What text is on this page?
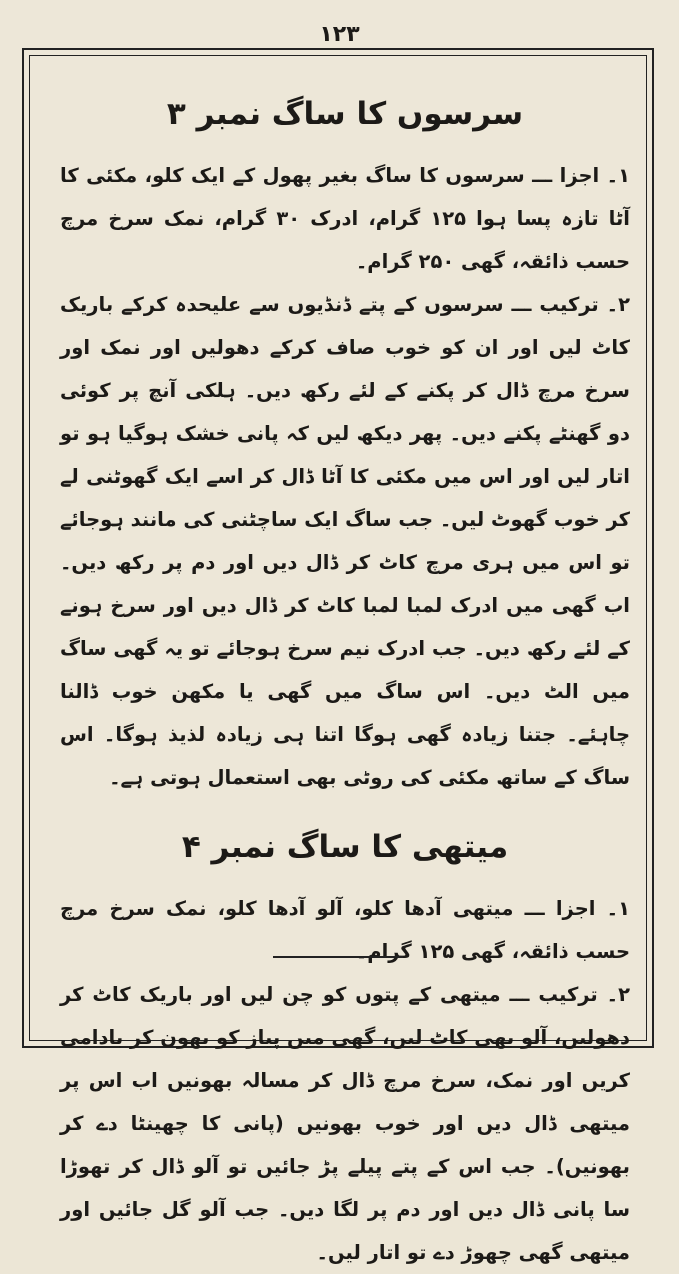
۱۲۳
سرسوں کا ساگ نمبر ۳

۱۔ اجزا ـــ سرسوں کا ساگ بغیر پھول کے ایک کلو، مکئی کا آٹا تازہ پسا ہوا ۱۲۵ گرام، ادرک ۳۰ گرام، نمک سرخ مرچ حسب ذائقہ، گھی ۲۵۰ گرام۔

۲۔ ترکیب ـــ سرسوں کے پتے ڈنڈیوں سے علیحدہ کرکے باریک کاٹ لیں اور ان کو خوب صاف کرکے دھولیں اور نمک اور سرخ مرچ ڈال کر پکنے کے لئے رکھ دیں۔ ہلکی آنچ پر کوئی دو گھنٹے پکنے دیں۔ پھر دیکھ لیں کہ پانی خشک ہوگیا ہو تو اتار لیں اور اس میں مکئی کا آٹا ڈال کر اسے ایک گھوٹنی لے کر خوب گھوٹ لیں۔ جب ساگ ایک ساچٹنی کی مانند ہوجائے تو اس میں ہری مرچ کاٹ کر ڈال دیں اور دم پر رکھ دیں۔ اب گھی میں ادرک لمبا لمبا کاٹ کر ڈال دیں اور سرخ ہونے کے لئے رکھ دیں۔ جب ادرک نیم سرخ ہوجائے تو یہ گھی ساگ میں الٹ دیں۔ اس ساگ میں گھی یا مکھن خوب ڈالنا چاہئے۔ جتنا زیادہ گھی ہوگا اتنا ہی زیادہ لذیذ ہوگا۔ اس ساگ کے ساتھ مکئی کی روٹی بھی استعمال ہوتی ہے۔

میتھی کا ساگ نمبر ۴

۱۔ اجزا ـــ میتھی آدھا کلو، آلو آدھا کلو، نمک سرخ مرچ حسب ذائقہ، گھی ۱۲۵ گرام۔

۲۔ ترکیب ـــ میتھی کے پتوں کو چن لیں اور باریک کاٹ کر دھولیں، آلو بھی کاٹ لیں، گھی میں پیاز کو بھون کر بادامی کریں اور نمک، سرخ مرچ ڈال کر مسالہ بھونیں اب اس پر میتھی ڈال دیں اور خوب بھونیں (پانی کا چھینٹا دے کر بھونیں)۔ جب اس کے پتے پیلے پڑ جائیں تو آلو ڈال کر تھوڑا سا پانی ڈال دیں اور دم پر لگا دیں۔ جب آلو گل جائیں اور میتھی گھی چھوڑ دے تو اتار لیں۔
